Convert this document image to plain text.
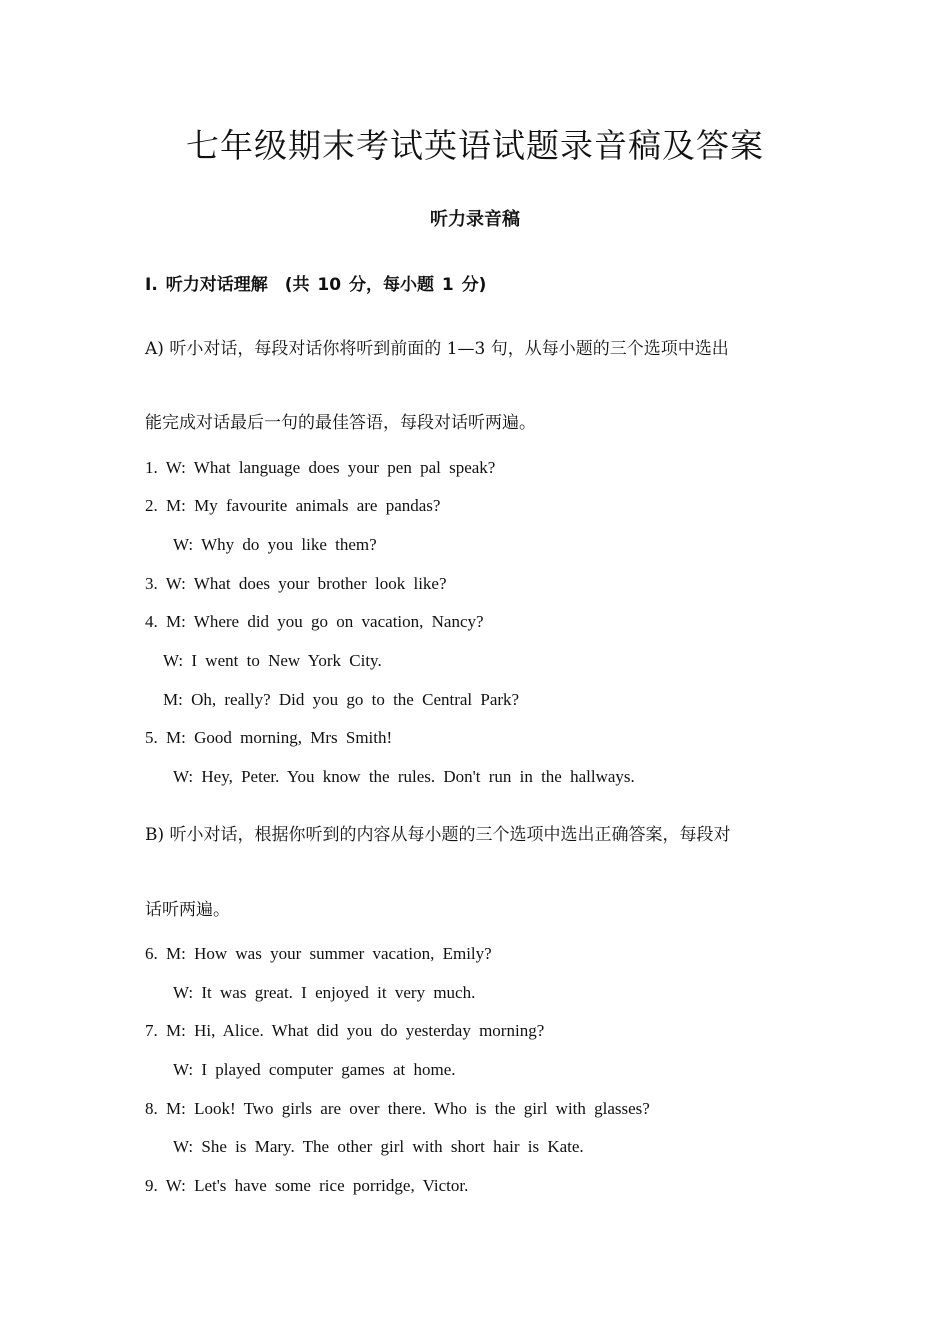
七年级期末考试英语试题录音稿及答案
听力录音稿
I. 听力对话理解　(共 10 分，每小题 1 分)
A) 听小对话，每段对话你将听到前面的 1—3 句，从每小题的三个选项中选出
能完成对话最后一句的最佳答语，每段对话听两遍。
1. W: What language does your pen pal speak?
2. M: My favourite animals are pandas?
W: Why do you like them?
3. W: What does your brother look like?
4. M: Where did you go on vacation, Nancy?
W: I went to New York City.
M: Oh, really? Did you go to the Central Park?
5. M: Good morning, Mrs Smith!
W: Hey, Peter. You know the rules. Don't run in the hallways.
B) 听小对话，根据你听到的内容从每小题的三个选项中选出正确答案，每段对
话听两遍。
6. M: How was your summer vacation, Emily?
W: It was great. I enjoyed it very much.
7. M: Hi, Alice. What did you do yesterday morning?
W: I played computer games at home.
8. M: Look! Two girls are over there. Who is the girl with glasses?
W: She is Mary. The other girl with short hair is Kate.
9. W: Let's have some rice porridge, Victor.
